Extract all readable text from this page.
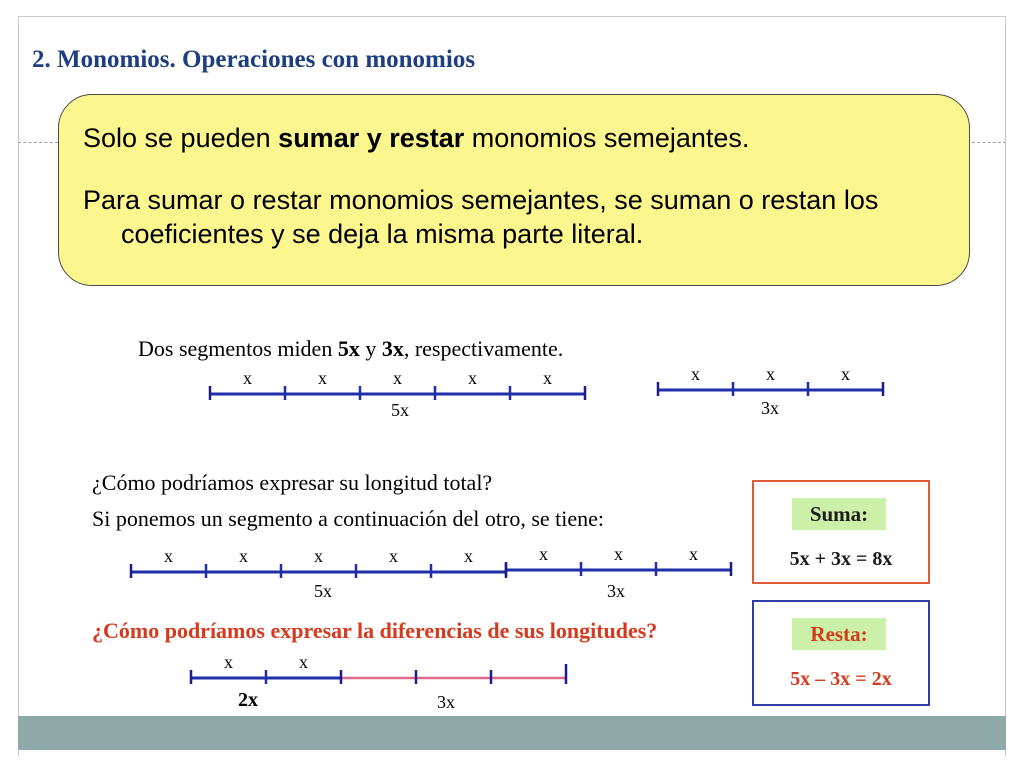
2. Monomios. Operaciones con monomios

Solo se pueden sumar y restar monomios semejantes.

Para sumar o restar monomios semejantes, se suman o restan los coeficientes y se deja la misma parte literal.

Dos segmentos miden 5x y 3x, respectivamente.

¿Cómo podríamos expresar su longitud total?

Si ponemos un segmento a continuación del otro, se tiene:

¿Cómo podríamos expresar la diferencias de sus longitudes?

x	x	x	x	x
5x
x	x	x
3x
x	x	x	x	x	x	x	x
5x	3x
x	x
2x	3x
Suma:
5x + 3x = 8x
Resta:
5x – 3x = 2x
